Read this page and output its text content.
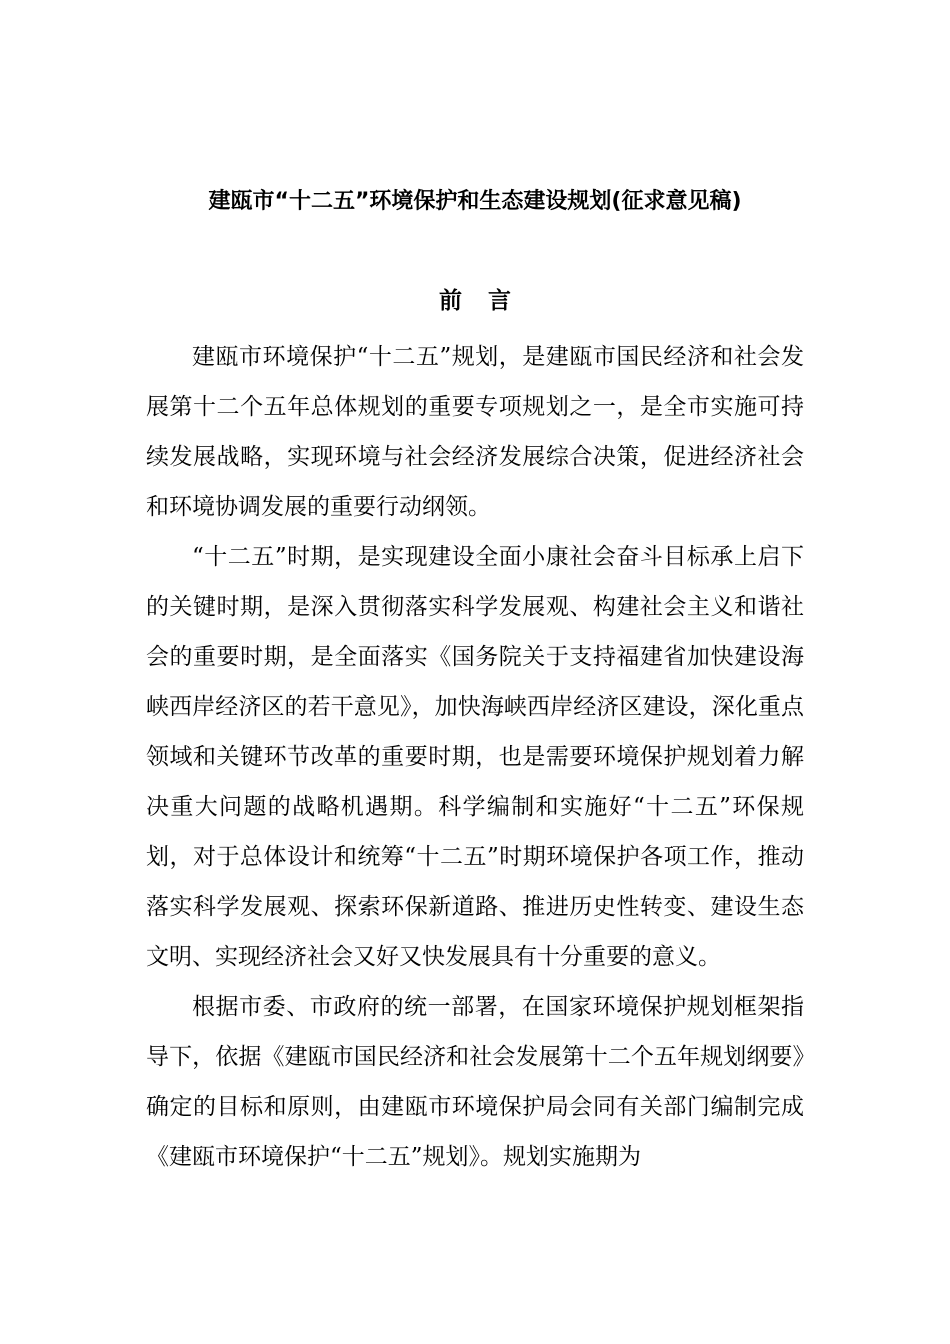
建瓯市“十二五”环境保护和生态建设规划(征求意见稿)
前言

建瓯市环境保护“十二五”规划，是建瓯市国民经济和社会发展第十二个五年总体规划的重要专项规划之一，是全市实施可持续发展战略，实现环境与社会经济发展综合决策，促进经济社会和环境协调发展的重要行动纲领。

“十二五”时期，是实现建设全面小康社会奋斗目标承上启下的关键时期，是深入贯彻落实科学发展观、构建社会主义和谐社会的重要时期，是全面落实《国务院关于支持福建省加快建设海峡西岸经济区的若干意见》，加快海峡西岸经济区建设，深化重点领域和关键环节改革的重要时期，也是需要环境保护规划着力解决重大问题的战略机遇期。科学编制和实施好“十二五”环保规划，对于总体设计和统筹“十二五”时期环境保护各项工作，推动落实科学发展观、探索环保新道路、推进历史性转变、建设生态文明、实现经济社会又好又快发展具有十分重要的意义。

根据市委、市政府的统一部署，在国家环境保护规划框架指导下，依据《建瓯市国民经济和社会发展第十二个五年规划纲要》确定的目标和原则，由建瓯市环境保护局会同有关部门编制完成《建瓯市环境保护“十二五”规划》。规划实施期为
